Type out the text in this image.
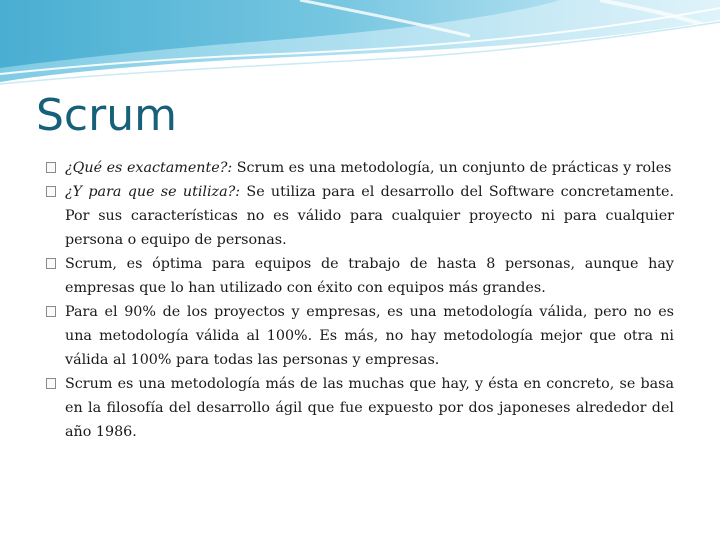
Scrum
¿Qué es exactamente?: Scrum es una metodología, un conjunto de prácticas y roles
¿Y para que se utiliza?: Se utiliza para el desarrollo del Software concretamente. Por sus características no es válido para cualquier proyecto ni para cualquier persona o equipo de personas.
Scrum, es óptima para equipos de trabajo de hasta 8 personas, aunque hay empresas que lo han utilizado con éxito con equipos más grandes.
Para el 90% de los proyectos y empresas, es una metodología válida, pero no es una metodología válida al 100%. Es más, no hay metodología mejor que otra ni válida al 100% para todas las personas y empresas.
Scrum es una metodología más de las muchas que hay, y ésta en concreto, se basa en la filosofía del desarrollo ágil que fue expuesto por dos japoneses alrededor del año 1986.
